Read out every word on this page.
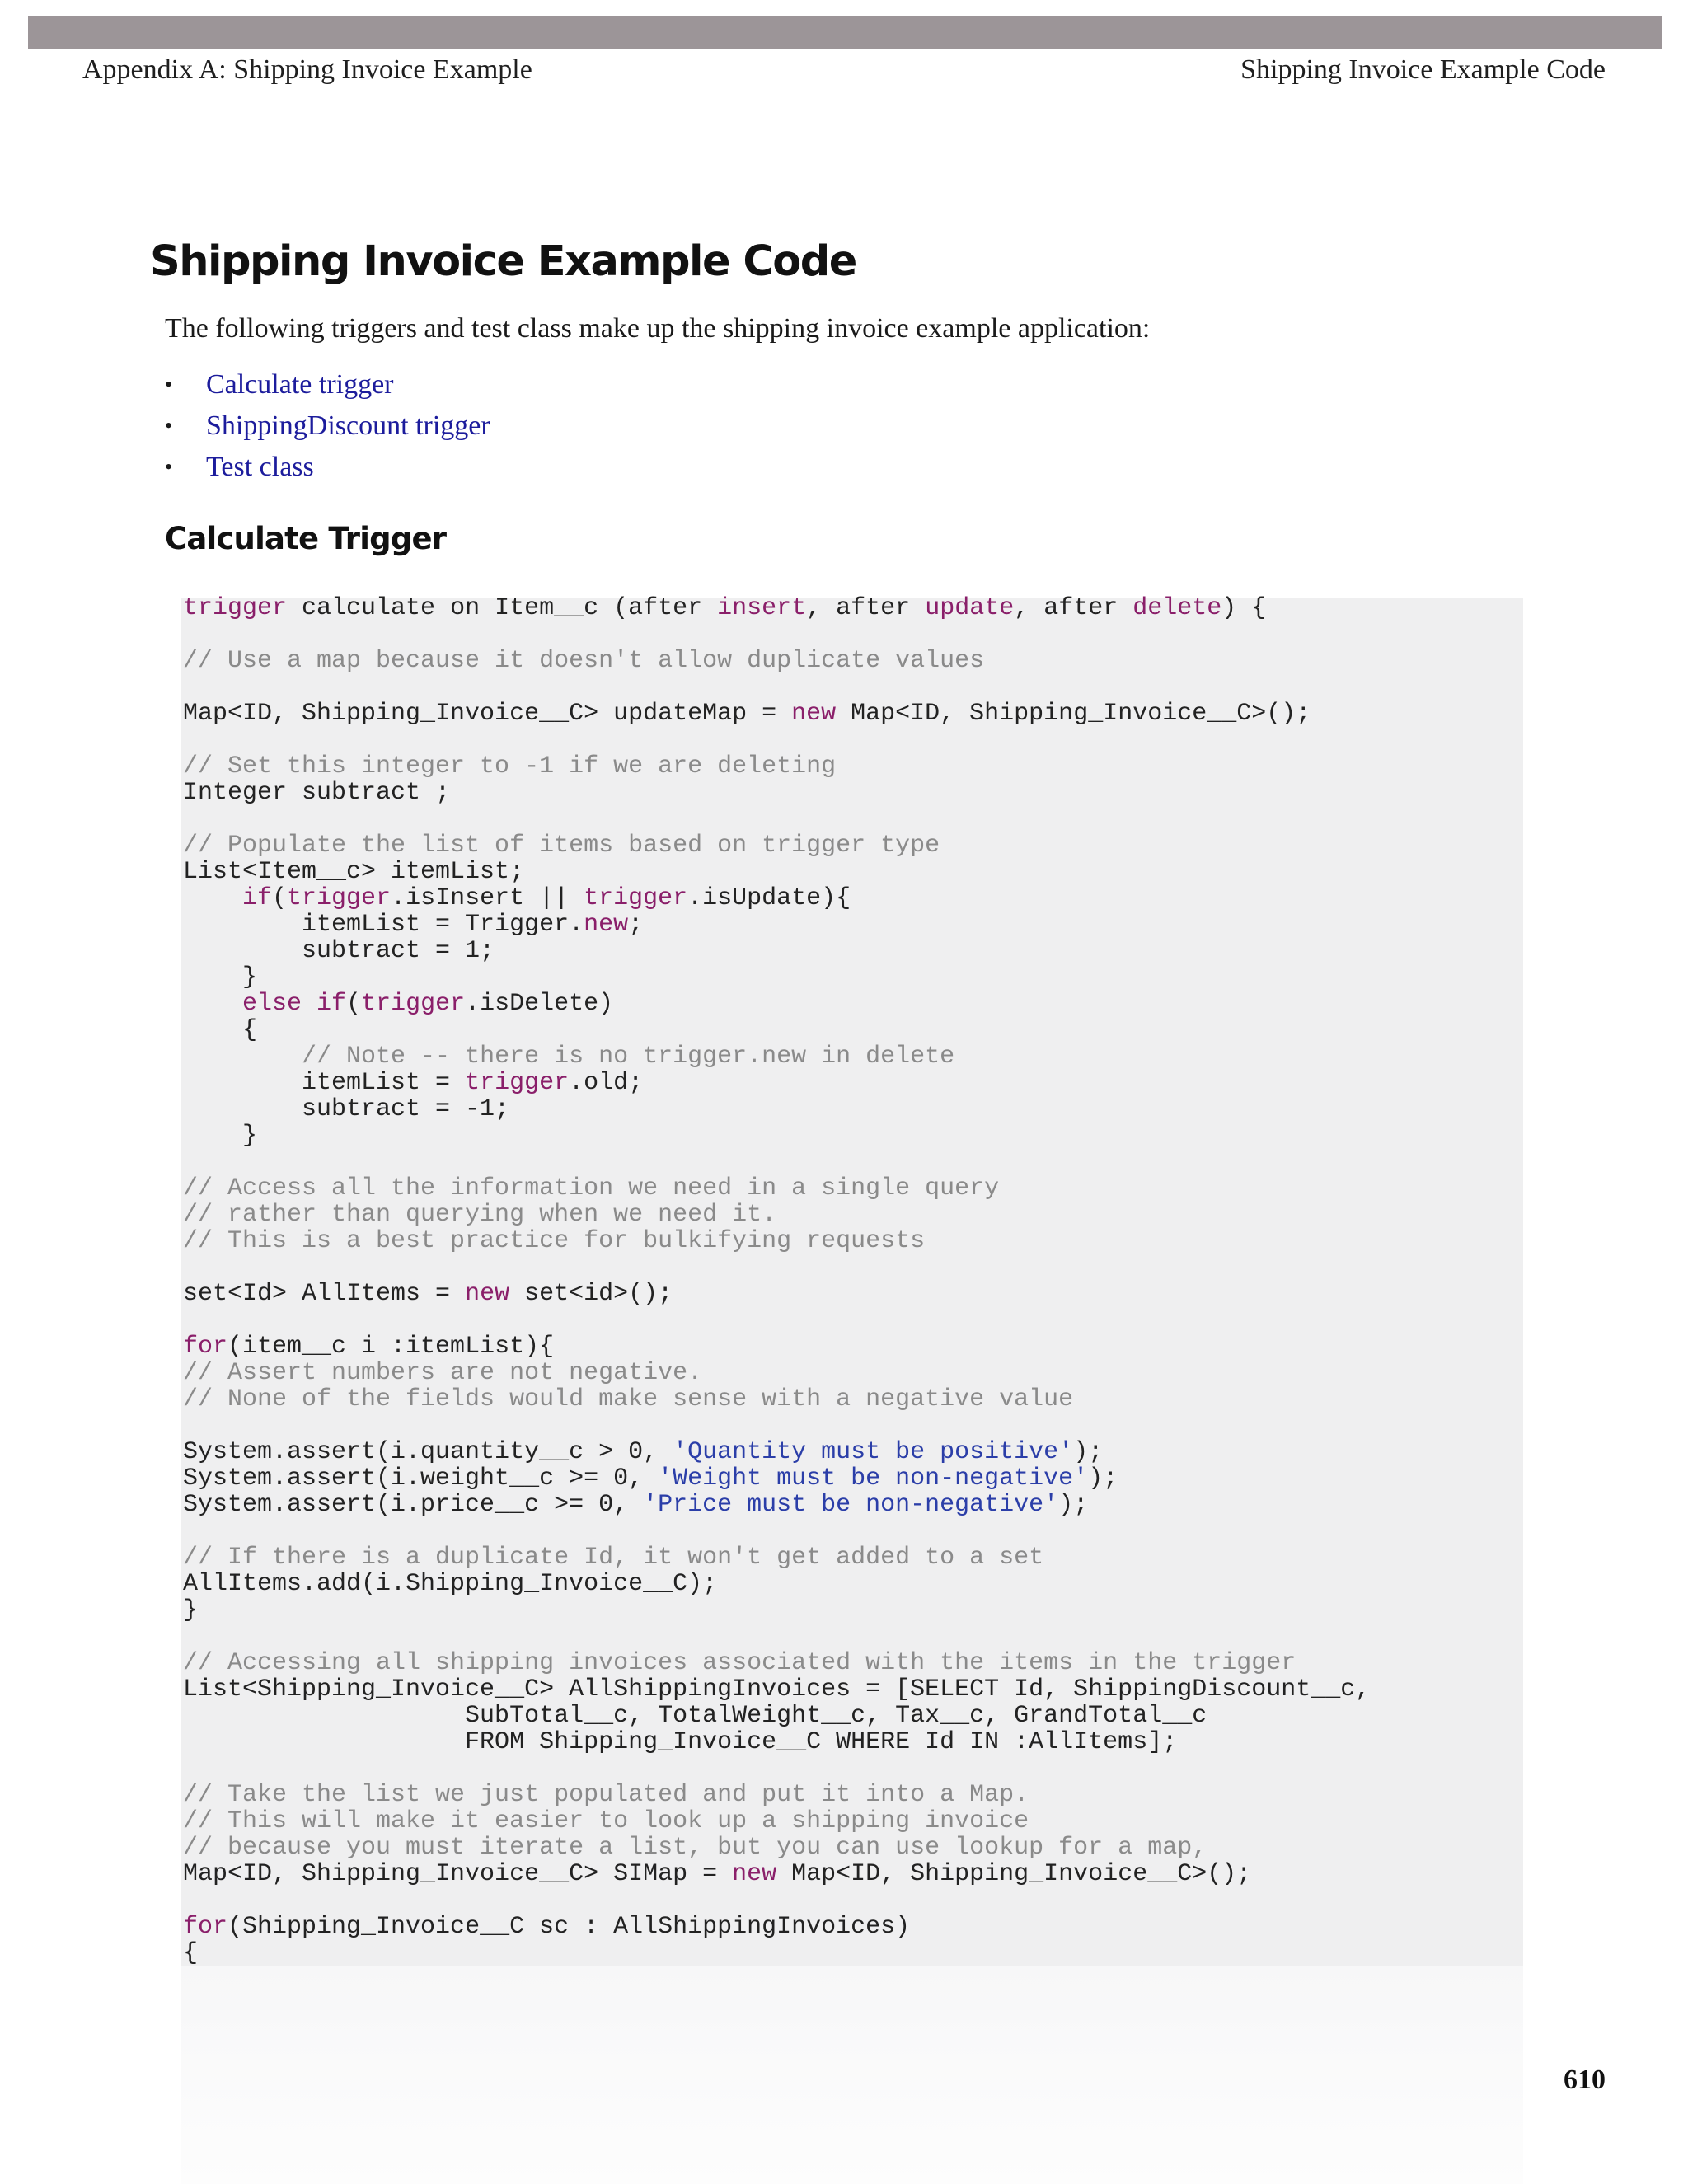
Appendix A: Shipping Invoice Example	Shipping Invoice Example Code
Shipping Invoice Example Code

The following triggers and test class make up the shipping invoice example application:

• Calculate trigger
• ShippingDiscount trigger
• Test class
Calculate Trigger
trigger calculate on Item__c (after insert, after update, after delete) {
// Use a map because it doesn't allow duplicate values
Map<ID, Shipping_Invoice__C> updateMap = new Map<ID, Shipping_Invoice__C>();
// Set this integer to -1 if we are deleting
Integer subtract ;
// Populate the list of items based on trigger type
List<Item__c> itemList;
if(trigger.isInsert || trigger.isUpdate){
itemList = Trigger.new;
subtract = 1;
}
else if(trigger.isDelete)
{
// Note -- there is no trigger.new in delete
itemList = trigger.old;
subtract = -1;
}
// Access all the information we need in a single query
// rather than querying when we need it.
// This is a best practice for bulkifying requests
set<Id> AllItems = new set<id>();
for(item__c i :itemList){
// Assert numbers are not negative.
// None of the fields would make sense with a negative value
System.assert(i.quantity__c > 0, 'Quantity must be positive');
System.assert(i.weight__c >= 0, 'Weight must be non-negative');
System.assert(i.price__c >= 0, 'Price must be non-negative');
// If there is a duplicate Id, it won't get added to a set
AllItems.add(i.Shipping_Invoice__C);
}
// Accessing all shipping invoices associated with the items in the trigger
List<Shipping_Invoice__C> AllShippingInvoices = [SELECT Id, ShippingDiscount__c,
SubTotal__c, TotalWeight__c, Tax__c, GrandTotal__c
FROM Shipping_Invoice__C WHERE Id IN :AllItems];
// Take the list we just populated and put it into a Map.
// This will make it easier to look up a shipping invoice
// because you must iterate a list, but you can use lookup for a map,
Map<ID, Shipping_Invoice__C> SIMap = new Map<ID, Shipping_Invoice__C>();
for(Shipping_Invoice__C sc : AllShippingInvoices)
{
610
